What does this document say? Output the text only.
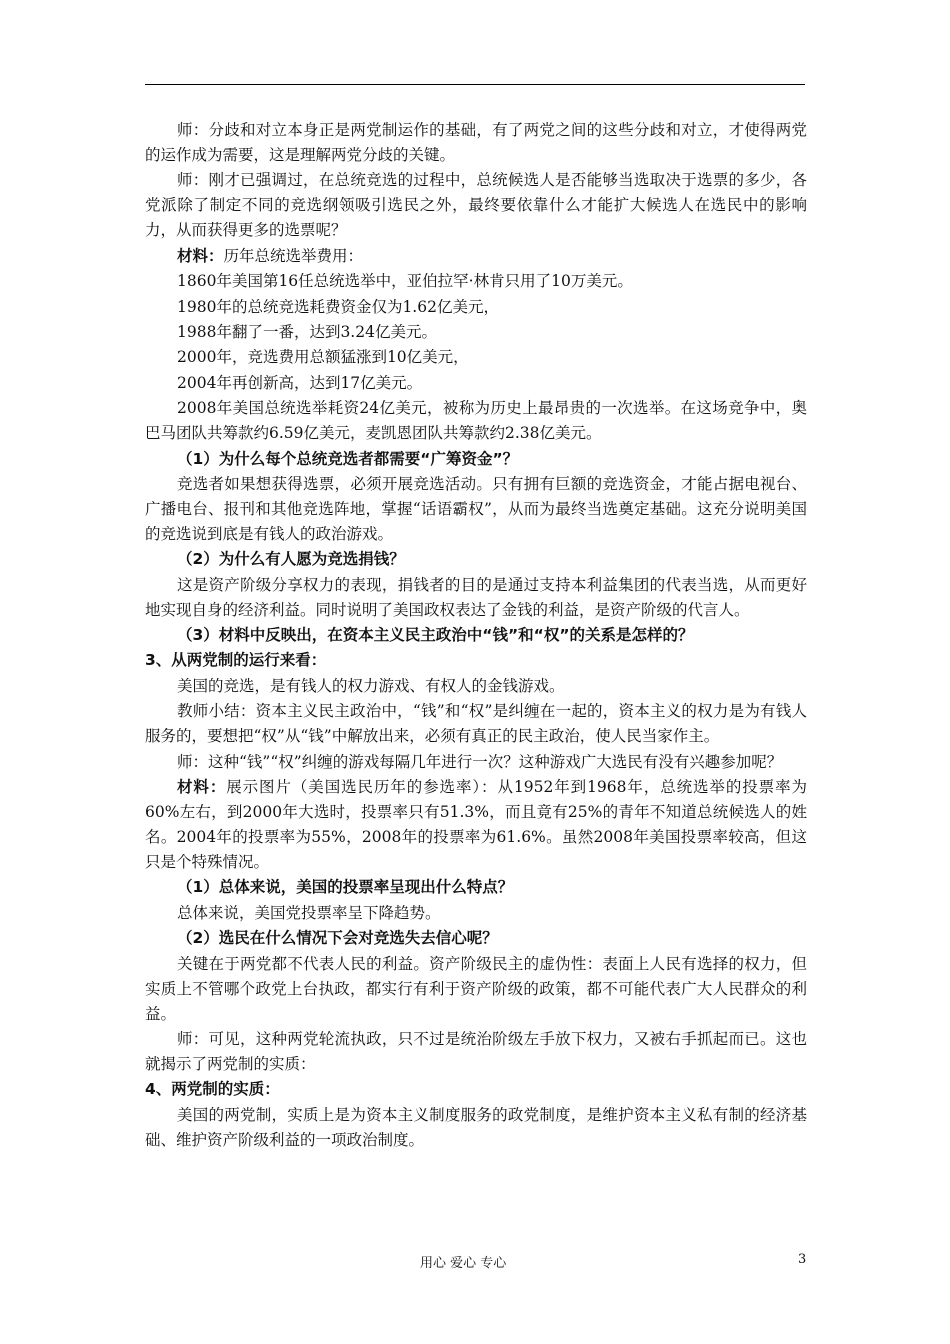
师：分歧和对立本身正是两党制运作的基础，有了两党之间的这些分歧和对立，才使得两党的运作成为需要，这是理解两党分歧的关键。

师：刚才已强调过，在总统竞选的过程中，总统候选人是否能够当选取决于选票的多少，各党派除了制定不同的竞选纲领吸引选民之外，最终要依靠什么才能扩大候选人在选民中的影响力，从而获得更多的选票呢？

材料：历年总统选举费用：

1860年美国第16任总统选举中，亚伯拉罕·林肯只用了10万美元。

1980年的总统竞选耗费资金仅为1.62亿美元，

1988年翻了一番，达到3.24亿美元。

2000年，竞选费用总额猛涨到10亿美元，

2004年再创新高，达到17亿美元。

2008年美国总统选举耗资24亿美元，被称为历史上最昂贵的一次选举。在这场竞争中，奥巴马团队共筹款约6.59亿美元，麦凯恩团队共筹款约2.38亿美元。

（1）为什么每个总统竞选者都需要“广筹资金”？

竞选者如果想获得选票，必须开展竞选活动。只有拥有巨额的竞选资金，才能占据电视台、广播电台、报刊和其他竞选阵地，掌握“话语霸权”，从而为最终当选奠定基础。这充分说明美国的竞选说到底是有钱人的政治游戏。

（2）为什么有人愿为竞选捐钱？

这是资产阶级分享权力的表现，捐钱者的目的是通过支持本利益集团的代表当选，从而更好地实现自身的经济利益。同时说明了美国政权表达了金钱的利益，是资产阶级的代言人。

（3）材料中反映出，在资本主义民主政治中“钱”和“权”的关系是怎样的？

3、从两党制的运行来看：

美国的竞选，是有钱人的权力游戏、有权人的金钱游戏。

教师小结：资本主义民主政治中，“钱”和“权”是纠缠在一起的，资本主义的权力是为有钱人服务的，要想把“权”从“钱”中解放出来，必须有真正的民主政治，使人民当家作主。

师：这种“钱”“权”纠缠的游戏每隔几年进行一次？这种游戏广大选民有没有兴趣参加呢？

材料：展示图片（美国选民历年的参选率）：从1952年到1968年，总统选举的投票率为60%左右，到2000年大选时，投票率只有51.3%，而且竟有25%的青年不知道总统候选人的姓名。2004年的投票率为55%，2008年的投票率为61.6%。虽然2008年美国投票率较高，但这只是个特殊情况。

（1）总体来说，美国的投票率呈现出什么特点？

总体来说，美国党投票率呈下降趋势。

（2）选民在什么情况下会对竞选失去信心呢？

关键在于两党都不代表人民的利益。资产阶级民主的虚伪性：表面上人民有选择的权力，但实质上不管哪个政党上台执政，都实行有利于资产阶级的政策，都不可能代表广大人民群众的利益。

师：可见，这种两党轮流执政，只不过是统治阶级左手放下权力，又被右手抓起而已。这也就揭示了两党制的实质：

4、两党制的实质：

美国的两党制，实质上是为资本主义制度服务的政党制度，是维护资本主义私有制的经济基础、维护资产阶级利益的一项政治制度。

用心 爱心 专心	3
